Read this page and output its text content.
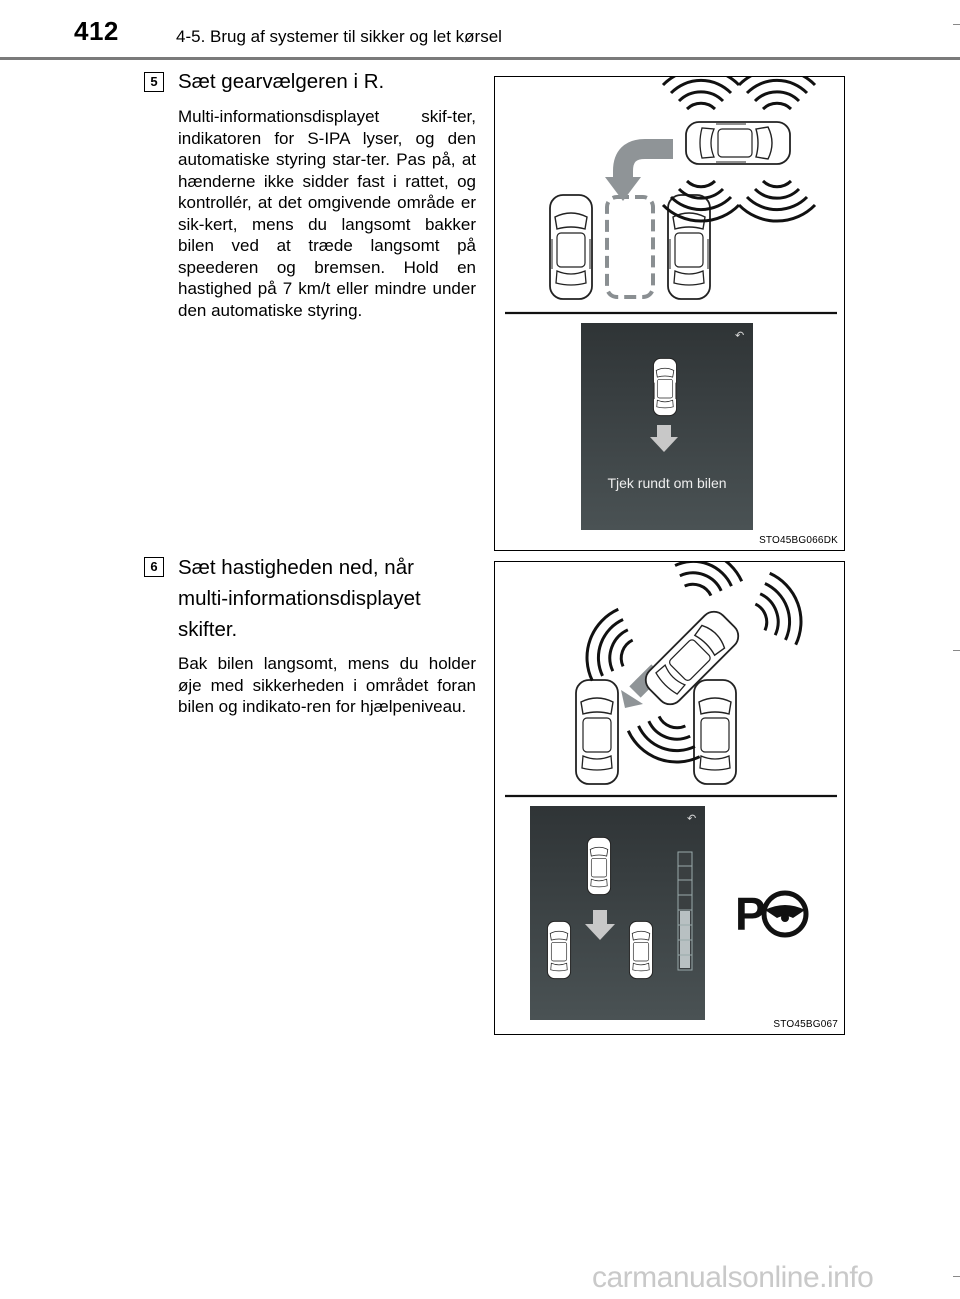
412	4-5. Brug af systemer til sikker og let kørsel
5 Sæt gearvælgeren i R.
Multi-informationsdisplayet skif-ter, indikatoren for S-IPA lyser, og den automatiske styring star-ter. Pas på, at hænderne ikke sidder fast i rattet, og kontrollér, at det omgivende område er sik-kert, mens du langsomt bakker bilen ved at træde langsomt på speederen og bremsen. Hold en hastighed på 7 km/t eller mindre under den automatiske styring.
↶
Tjek rundt om bilen
STO45BG066DK
6 Sæt hastigheden ned, når
multi-informationsdisplayet
skifter.
Bak bilen langsomt, mens du holder øje med sikkerheden i området foran bilen og indikato-ren for hjælpeniveau.
↶
P
STO45BG067
carmanualsonline.info
